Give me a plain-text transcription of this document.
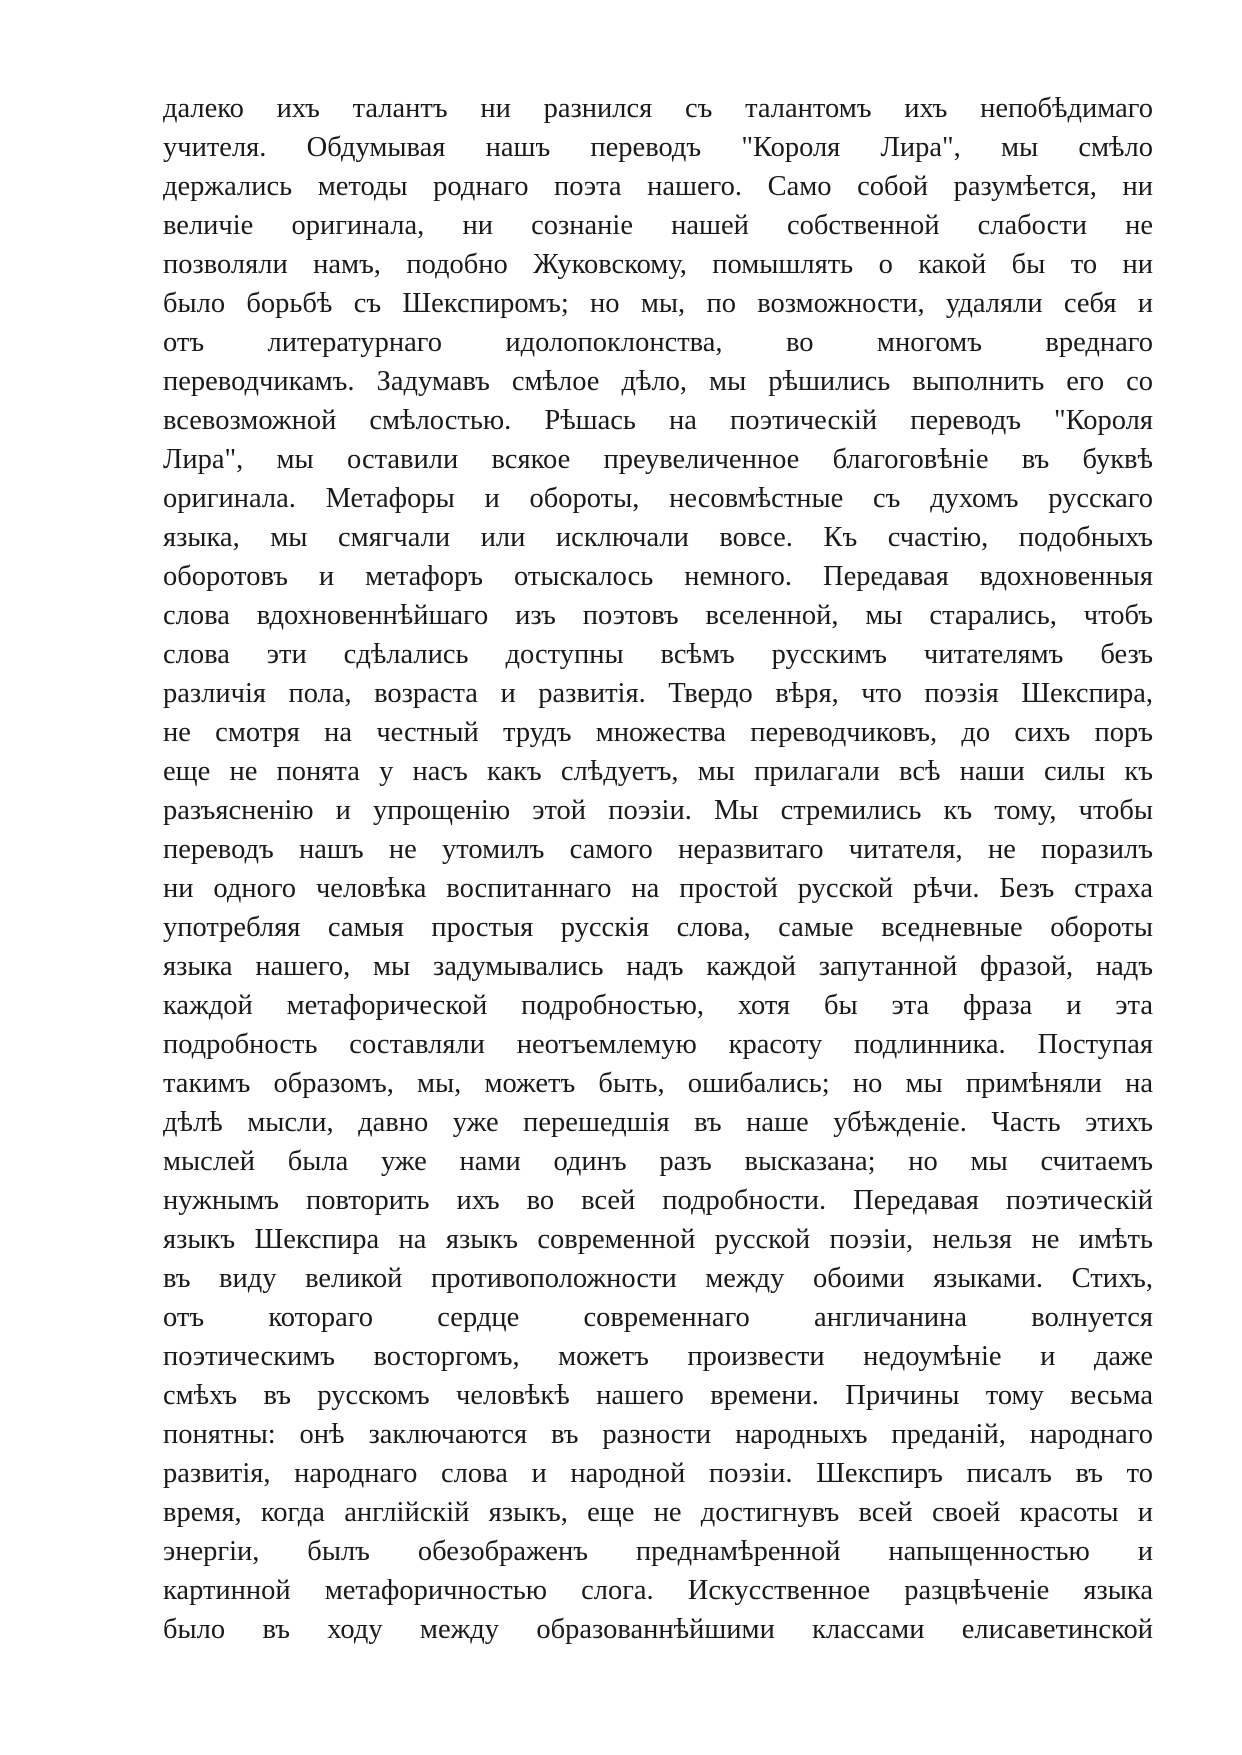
далеко ихъ талантъ ни разнился съ талантомъ ихъ непобѣдимаго
учителя. Обдумывая нашъ переводъ "Короля Лира", мы смѣло
держались методы роднаго поэта нашего. Само собой разумѣется, ни
величіе оригинала, ни сознаніе нашей собственной слабости не
позволяли намъ, подобно Жуковскому, помышлять о какой бы то ни
было борьбѣ съ Шекспиромъ; но мы, по возможности, удаляли себя и
отъ литературнаго идолопоклонства, во многомъ вреднаго
переводчикамъ. Задумавъ смѣлое дѣло, мы рѣшились выполнить его со
всевозможной смѣлостью. Рѣшась на поэтическій переводъ "Короля
Лира", мы оставили всякое преувеличенное благоговѣніе въ буквѣ
оригинала. Метафоры и обороты, несовмѣстные съ духомъ русскаго
языка, мы смягчали или исключали вовсе. Къ счастію, подобныхъ
оборотовъ и метафоръ отыскалось немного. Передавая вдохновенныя
слова вдохновеннѣйшаго изъ поэтовъ вселенной, мы старались, чтобъ
слова эти сдѣлались доступны всѣмъ русскимъ читателямъ безъ
различія пола, возраста и развитія. Твердо вѣря, что поэзія Шекспира,
не смотря на честный трудъ множества переводчиковъ, до сихъ поръ
еще не понята у насъ какъ слѣдуетъ, мы прилагали всѣ наши силы къ
разъясненію и упрощенію этой поэзіи. Мы стремились къ тому, чтобы
переводъ нашъ не утомилъ самого неразвитаго читателя, не поразилъ
ни одного человѣка воспитаннаго на простой русской рѣчи. Безъ страха
употребляя самыя простыя русскія слова, самые вседневные обороты
языка нашего, мы задумывались надъ каждой запутанной фразой, надъ
каждой метафорической подробностью, хотя бы эта фраза и эта
подробность составляли неотъемлемую красоту подлинника. Поступая
такимъ образомъ, мы, можетъ быть, ошибались; но мы примѣняли на
дѣлѣ мысли, давно уже перешедшія въ наше убѣжденіе. Часть этихъ
мыслей была уже нами одинъ разъ высказана; но мы считаемъ
нужнымъ повторить ихъ во всей подробности. Передавая поэтическій
языкъ Шекспира на языкъ современной русской поэзіи, нельзя не имѣть
въ виду великой противоположности между обоими языками. Стихъ,
отъ котораго сердце современнаго англичанина волнуется
поэтическимъ восторгомъ, можетъ произвести недоумѣніе и даже
смѣхъ въ русскомъ человѣкѣ нашего времени. Причины тому весьма
понятны: онѣ заключаются въ разности народныхъ преданій, народнаго
развитія, народнаго слова и народной поэзіи. Шекспиръ писалъ въ то
время, когда англійскій языкъ, еще не достигнувъ всей своей красоты и
энергіи, былъ обезображенъ преднамѣренной напыщенностью и
картинной метафоричностью слога. Искусственное разцвѣченіе языка
было въ ходу между образованнѣйшими классами елисаветинской
